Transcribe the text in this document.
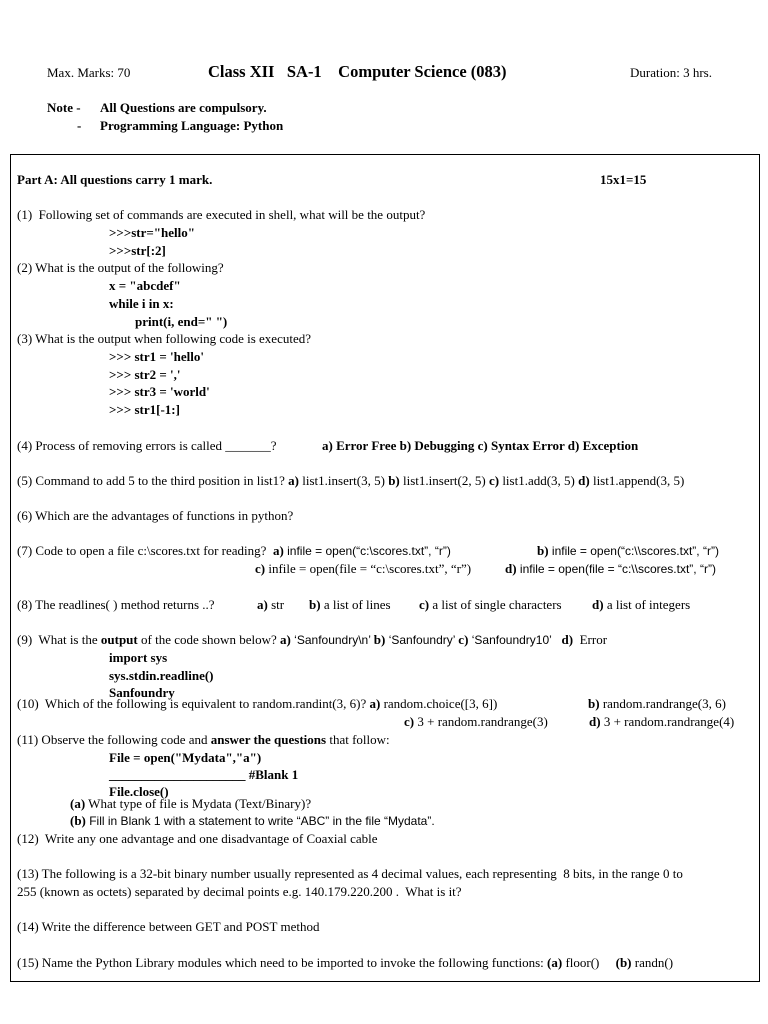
Max. Marks: 70	Class XII   SA-1    Computer Science (083)	Duration: 3 hrs.
Note -	All Questions are compulsory.
-	Programming Language: Python
Part A: All questions carry 1 mark.	15x1=15
(1)  Following set of commands are executed in shell, what will be the output?
>>>str="hello"
>>>str[:2]
(2) What is the output of the following?
x = "abcdef"
while i in x:
print(i, end=" ")
(3) What is the output when following code is executed?
>>> str1 = 'hello'
>>> str2 = ','
>>> str3 = 'world'
>>> str1[-1:]
(4) Process of removing errors is called _______?	a) Error Free b) Debugging c) Syntax Error d) Exception
(5) Command to add 5 to the third position in list1? a) list1.insert(3, 5) b) list1.insert(2, 5) c) list1.add(3, 5) d) list1.append(3, 5)
(6) Which are the advantages of functions in python?
(7) Code to open a file c:\scores.txt for reading? a) infile = open(“c:\scores.txt”, “r”)	b) infile = open(“c:\\scores.txt”, “r”)
c) infile = open(file = “c:\scores.txt”, “r”)	d) infile = open(file = “c:\\scores.txt”, “r”)
(8) The readlines( ) method returns ..?	a) str b) a list of lines c) a list of single characters d) a list of integers
(9)  What is the output of the code shown below? a) ‘Sanfoundry\n’ b) ‘Sanfoundry’ c) ‘Sanfoundry10’ d)  Error
import sys
sys.stdin.readline()
Sanfoundry
(10)  Which of the following is equivalent to random.randint(3, 6)? a) random.choice([3, 6])	b) random.randrange(3, 6)
c) 3 + random.randrange(3)	d) 3 + random.randrange(4)
(11) Observe the following code and answer the questions that follow:
File = open("Mydata","a")
_____________________ #Blank 1
File.close()
(a) What type of file is Mydata (Text/Binary)?
(b) Fill in Blank 1 with a statement to write “ABC” in the file “Mydata”.
(12)  Write any one advantage and one disadvantage of Coaxial cable
(13) The following is a 32-bit binary number usually represented as 4 decimal values, each representing  8 bits, in the range 0 to
255 (known as octets) separated by decimal points e.g. 140.179.220.200 .  What is it?
(14) Write the difference between GET and POST method
(15) Name the Python Library modules which need to be imported to invoke the following functions: (a) floor() (b) randn()
